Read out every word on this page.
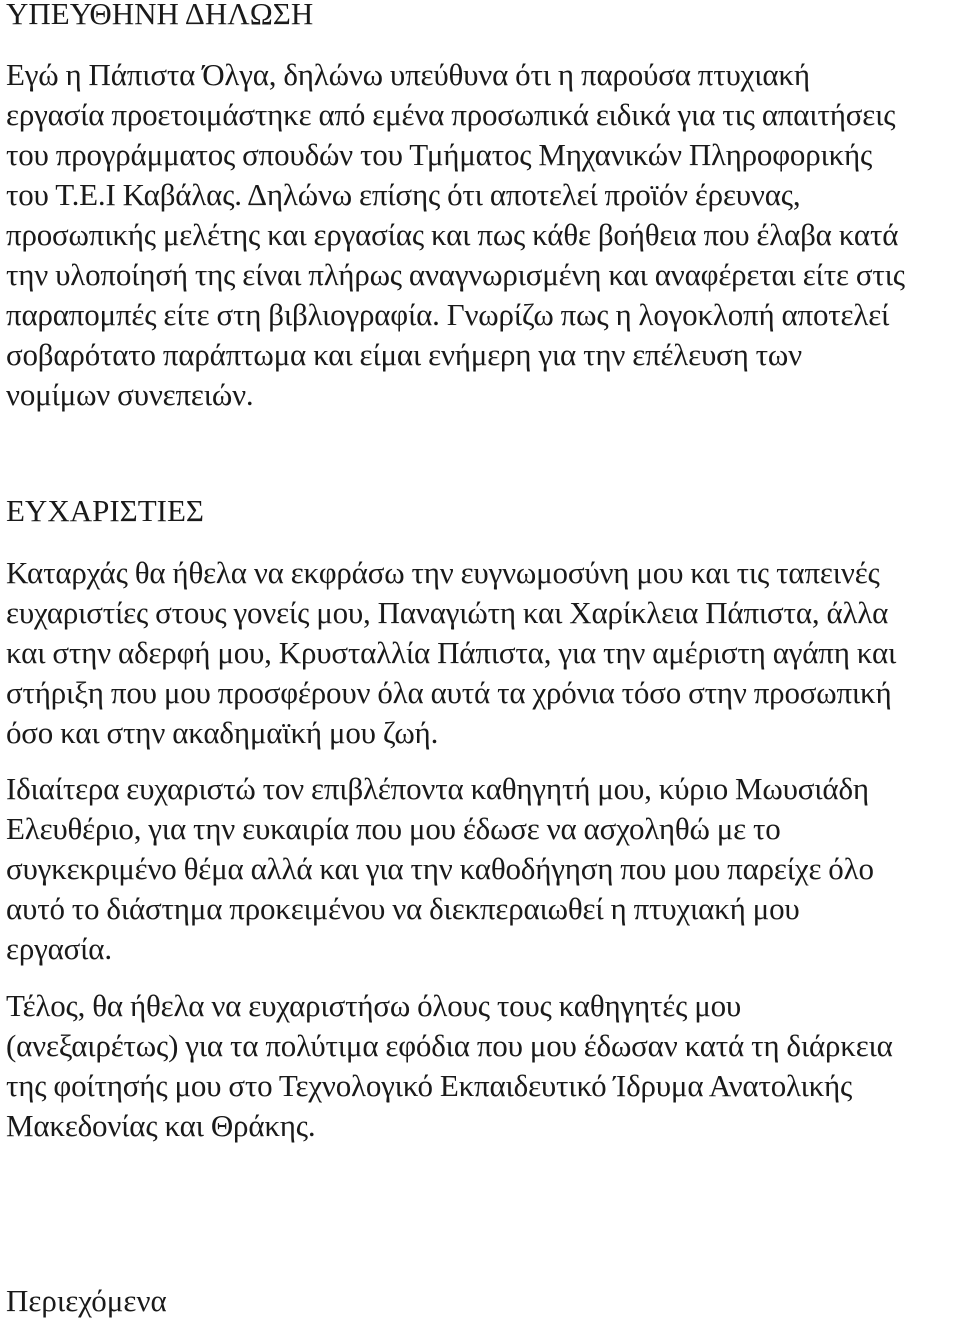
ΥΠΕΥΘΗΝΗ ΔΗΛΩΣΗ

Εγώ η Πάπιστα Όλγα, δηλώνω υπεύθυνα ότι η παρούσα πτυχιακή
εργασία προετοιμάστηκε από εμένα προσωπικά ειδικά για τις απαιτήσεις
του προγράμματος σπουδών του Τμήματος Μηχανικών Πληροφορικής
του Τ.Ε.Ι Καβάλας. Δηλώνω επίσης ότι αποτελεί προϊόν έρευνας,
προσωπικής μελέτης και εργασίας και πως κάθε βοήθεια που έλαβα κατά
την υλοποίησή της είναι πλήρως αναγνωρισμένη και αναφέρεται είτε στις
παραπομπές είτε στη βιβλιογραφία. Γνωρίζω πως η λογοκλοπή αποτελεί
σοβαρότατο παράπτωμα και είμαι ενήμερη για την επέλευση των
νομίμων συνεπειών.

ΕΥΧΑΡΙΣΤΙΕΣ

Καταρχάς θα ήθελα να εκφράσω την ευγνωμοσύνη μου και τις ταπεινές
ευχαριστίες στους γονείς μου, Παναγιώτη και Χαρίκλεια Πάπιστα, άλλα
και στην αδερφή μου, Κρυσταλλία Πάπιστα, για την αμέριστη αγάπη και
στήριξη που μου προσφέρουν όλα αυτά τα χρόνια τόσο στην προσωπική
όσο και στην ακαδημαϊκή μου ζωή.

Ιδιαίτερα ευχαριστώ τον επιβλέποντα καθηγητή μου, κύριο Μωυσιάδη
Ελευθέριο, για την ευκαιρία που μου έδωσε να ασχοληθώ με το
συγκεκριμένο θέμα αλλά και για την καθοδήγηση που μου παρείχε όλο
αυτό το διάστημα προκειμένου να διεκπεραιωθεί η πτυχιακή μου
εργασία.

Τέλος, θα ήθελα να ευχαριστήσω όλους τους καθηγητές μου
(ανεξαιρέτως) για τα πολύτιμα εφόδια που μου έδωσαν κατά τη διάρκεια
της φοίτησής μου στο Τεχνολογικό Εκπαιδευτικό Ίδρυμα Ανατολικής
Μακεδονίας και Θράκης.

Περιεχόμενα
